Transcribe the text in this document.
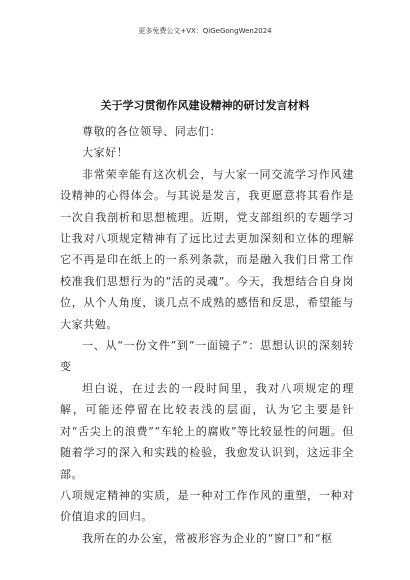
更多免费公文+VX：QiGeGongWen2024
关于学习贯彻作风建设精神的研讨发言材料

尊敬的各位领导、同志们：

大家好！

非常荣幸能有这次机会，与大家一同交流学习作风建设精神的心得体会。与其说是发言，我更愿意将其看作是一次自我剖析和思想梳理。近期，党支部组织的专题学习让我对八项规定精神有了远比过去更加深刻和立体的理解它不再是印在纸上的一系列条款，而是融入我们日常工作校准我们思想行为的“活的灵魂”。今天，我想结合自身岗位，从个人角度，谈几点不成熟的感悟和反思，希望能与大家共勉。

一、从“一份文件”到“一面镜子”：思想认识的深刻转变

坦白说，在过去的一段时间里，我对八项规定的理解，可能还停留在比较表浅的层面，认为它主要是针对“舌尖上的浪费”“车轮上的腐败”等比较显性的问题。但随着学习的深入和实践的检验，我愈发认识到，这远非全部。

八项规定精神的实质，是一种对工作作风的重塑，一种对价值追求的回归。

我所在的办公室，常被形容为企业的“窗口”和“枢
